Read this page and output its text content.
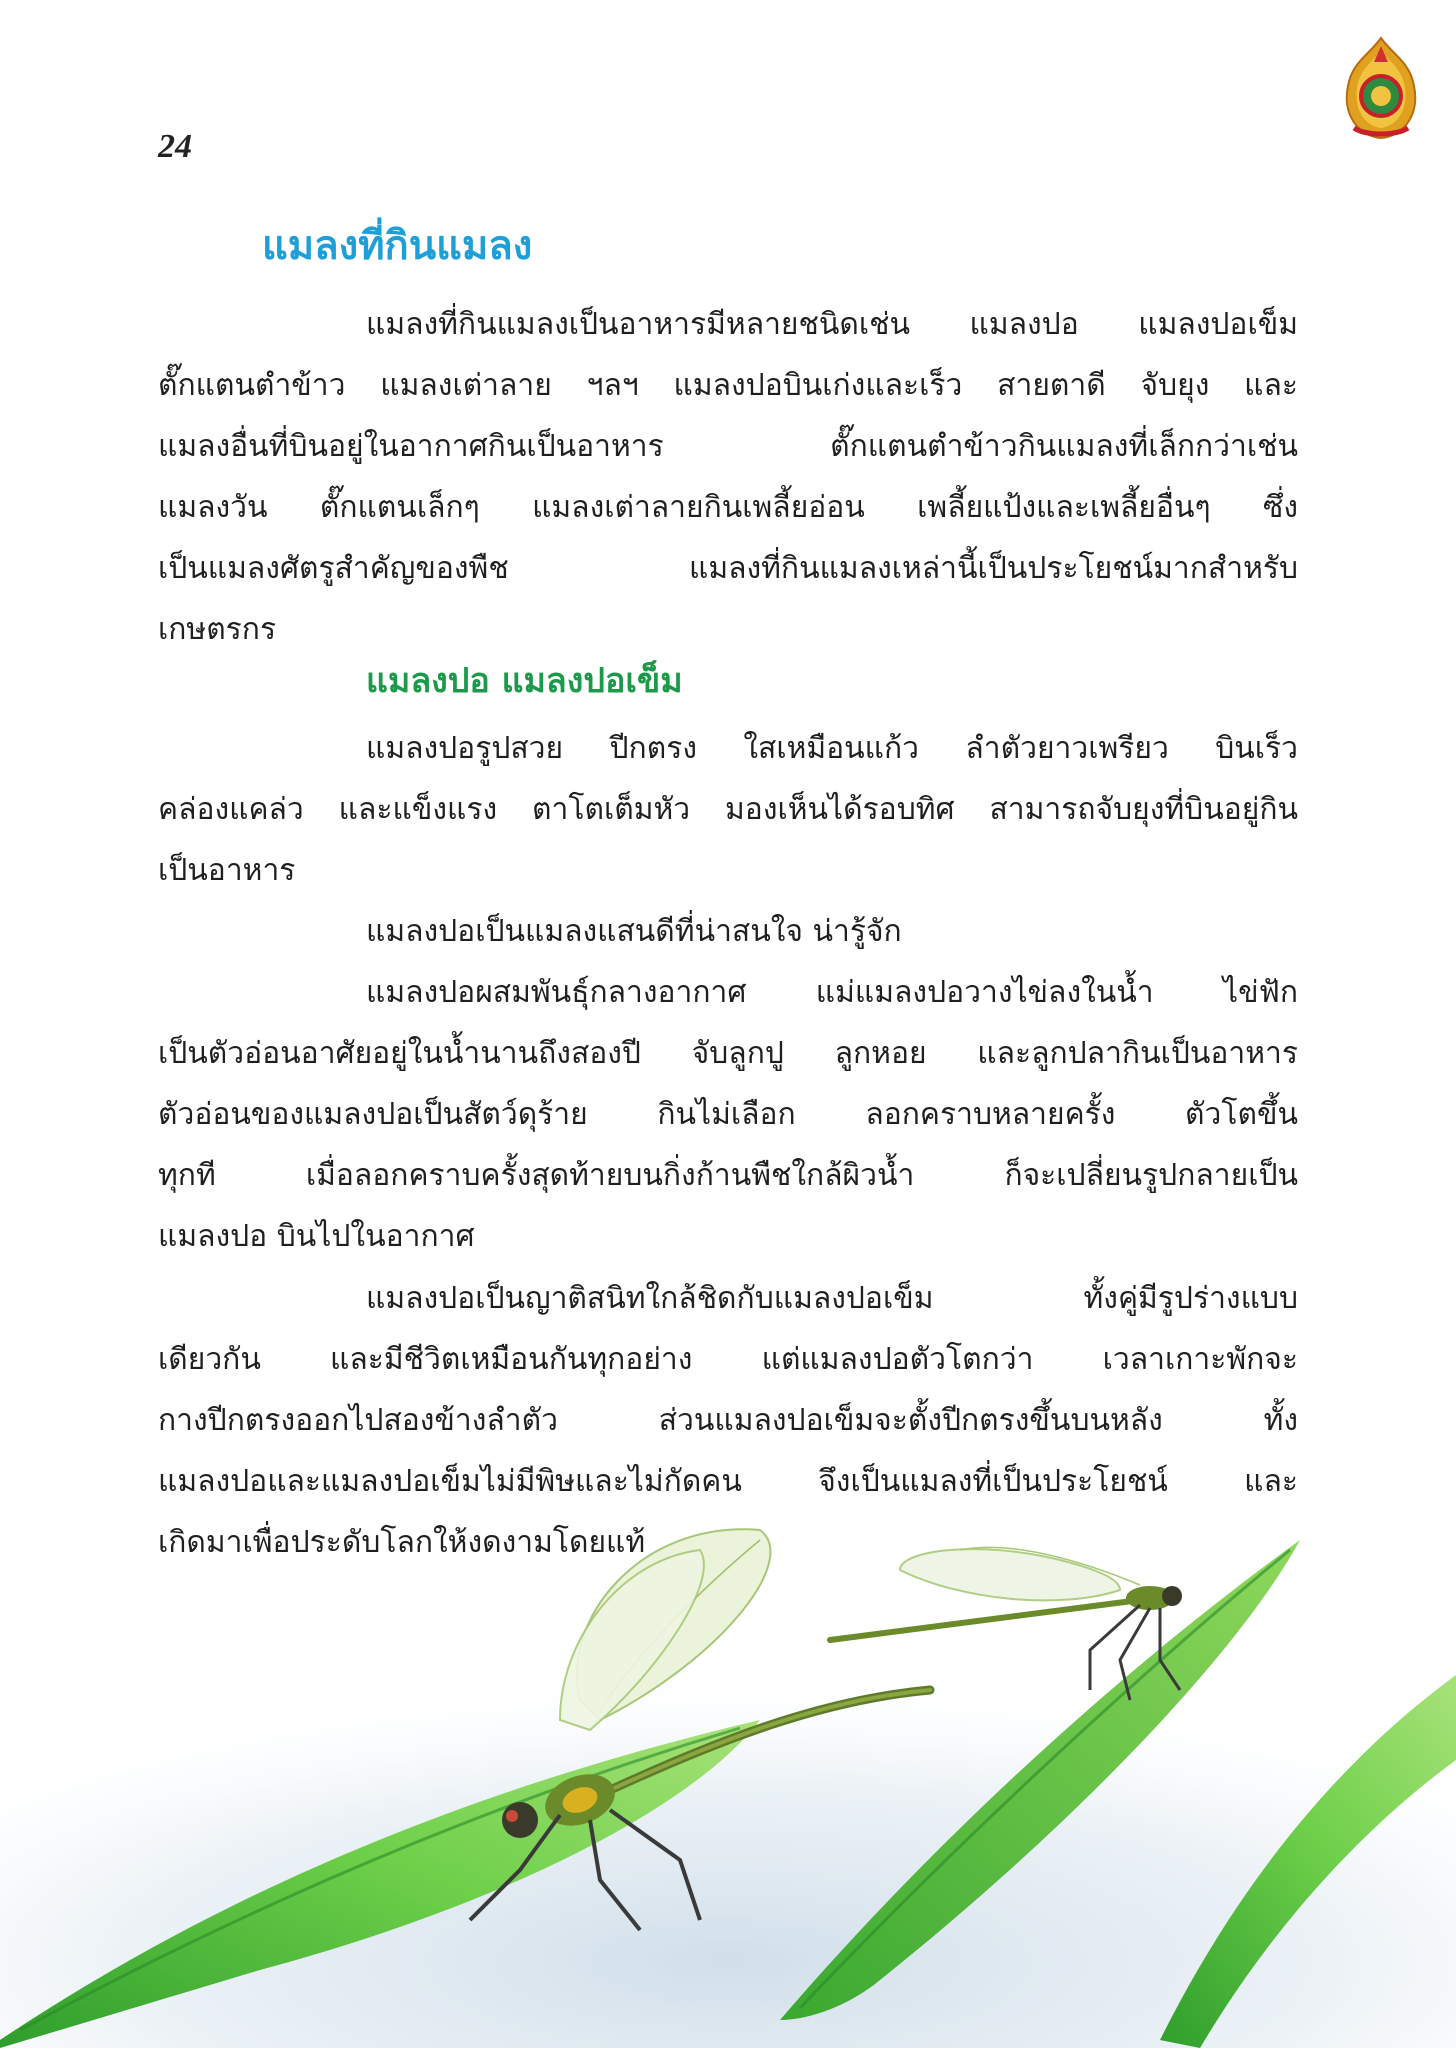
24
แมลงที่กินแมลง
แมลงที่กินแมลงเป็นอาหารมีหลายชนิดเช่น แมลงปอ แมลงปอเข็ม
ตั๊กแตนตำข้าว แมลงเต่าลาย ฯลฯ แมลงปอบินเก่งและเร็ว สายตาดี จับยุง และ
แมลงอื่นที่บินอยู่ในอากาศกินเป็นอาหาร ตั๊กแตนตำข้าวกินแมลงที่เล็กกว่าเช่น
แมลงวัน ตั๊กแตนเล็กๆ แมลงเต่าลายกินเพลี้ยอ่อน เพลี้ยแป้งและเพลี้ยอื่นๆ ซึ่ง
เป็นแมลงศัตรูสำคัญของพืช แมลงที่กินแมลงเหล่านี้เป็นประโยชน์มากสำหรับ
เกษตรกร
แมลงปอ แมลงปอเข็ม
แมลงปอรูปสวย ปีกตรง ใสเหมือนแก้ว ลำตัวยาวเพรียว บินเร็ว
คล่องแคล่ว และแข็งแรง ตาโตเต็มหัว มองเห็นได้รอบทิศ สามารถจับยุงที่บินอยู่กิน
เป็นอาหาร
แมลงปอเป็นแมลงแสนดีที่น่าสนใจ น่ารู้จัก
แมลงปอผสมพันธุ์กลางอากาศ แม่แมลงปอวางไข่ลงในน้ำ ไข่ฟัก
เป็นตัวอ่อนอาศัยอยู่ในน้ำนานถึงสองปี จับลูกปู ลูกหอย และลูกปลากินเป็นอาหาร
ตัวอ่อนของแมลงปอเป็นสัตว์ดุร้าย กินไม่เลือก ลอกคราบหลายครั้ง ตัวโตขึ้น
ทุกที เมื่อลอกคราบครั้งสุดท้ายบนกิ่งก้านพืชใกล้ผิวน้ำ ก็จะเปลี่ยนรูปกลายเป็น
แมลงปอ บินไปในอากาศ
แมลงปอเป็นญาติสนิทใกล้ชิดกับแมลงปอเข็ม ทั้งคู่มีรูปร่างแบบ
เดียวกัน และมีชีวิตเหมือนกันทุกอย่าง แต่แมลงปอตัวโตกว่า เวลาเกาะพักจะ
กางปีกตรงออกไปสองข้างลำตัว ส่วนแมลงปอเข็มจะตั้งปีกตรงขึ้นบนหลัง ทั้ง
แมลงปอและแมลงปอเข็มไม่มีพิษและไม่กัดคน จึงเป็นแมลงที่เป็นประโยชน์ และ
เกิดมาเพื่อประดับโลกให้งดงามโดยแท้
